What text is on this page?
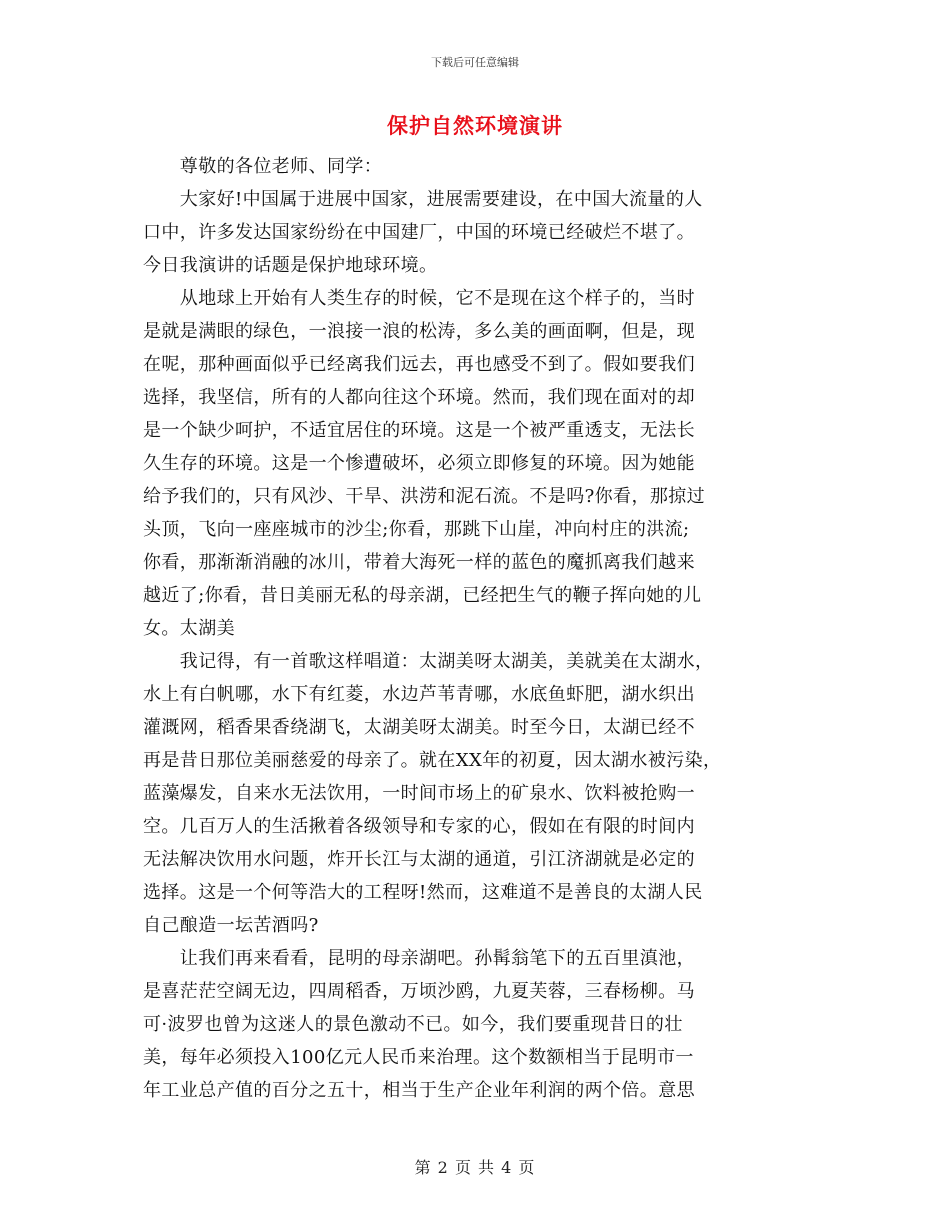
下载后可任意编辑
保护自然环境演讲
　　尊敬的各位老师、同学：
　　大家好!中国属于进展中国家，进展需要建设，在中国大流量的人
口中，许多发达国家纷纷在中国建厂，中国的环境已经破烂不堪了。
今日我演讲的话题是保护地球环境。
　　从地球上开始有人类生存的时候，它不是现在这个样子的，当时
是就是满眼的绿色，一浪接一浪的松涛，多么美的画面啊，但是，现
在呢，那种画面似乎已经离我们远去，再也感受不到了。假如要我们
选择，我坚信，所有的人都向往这个环境。然而，我们现在面对的却
是一个缺少呵护，不适宜居住的环境。这是一个被严重透支，无法长
久生存的环境。这是一个惨遭破坏，必须立即修复的环境。因为她能
给予我们的，只有风沙、干旱、洪涝和泥石流。不是吗?你看，那掠过
头顶，飞向一座座城市的沙尘;你看，那跳下山崖，冲向村庄的洪流;
你看，那渐渐消融的冰川，带着大海死一样的蓝色的魔抓离我们越来
越近了;你看，昔日美丽无私的母亲湖，已经把生气的鞭子挥向她的儿
女。太湖美
　　我记得，有一首歌这样唱道：太湖美呀太湖美，美就美在太湖水，
水上有白帆哪，水下有红菱，水边芦苇青哪，水底鱼虾肥，湖水织出
灌溉网，稻香果香绕湖飞，太湖美呀太湖美。时至今日，太湖已经不
再是昔日那位美丽慈爱的母亲了。就在XX年的初夏，因太湖水被污染，
蓝藻爆发，自来水无法饮用，一时间市场上的矿泉水、饮料被抢购一
空。几百万人的生活揪着各级领导和专家的心，假如在有限的时间内
无法解决饮用水问题，炸开长江与太湖的通道，引江济湖就是必定的
选择。这是一个何等浩大的工程呀!然而，这难道不是善良的太湖人民
自己酿造一坛苦酒吗?
　　让我们再来看看，昆明的母亲湖吧。孙髯翁笔下的五百里滇池，
是喜茫茫空阔无边，四周稻香，万顷沙鸥，九夏芙蓉，三春杨柳。马
可·波罗也曾为这迷人的景色激动不已。如今，我们要重现昔日的壮
美，每年必须投入100亿元人民币来治理。这个数额相当于昆明市一
年工业总产值的百分之五十，相当于生产企业年利润的两个倍。意思
第 2 页 共 4 页
